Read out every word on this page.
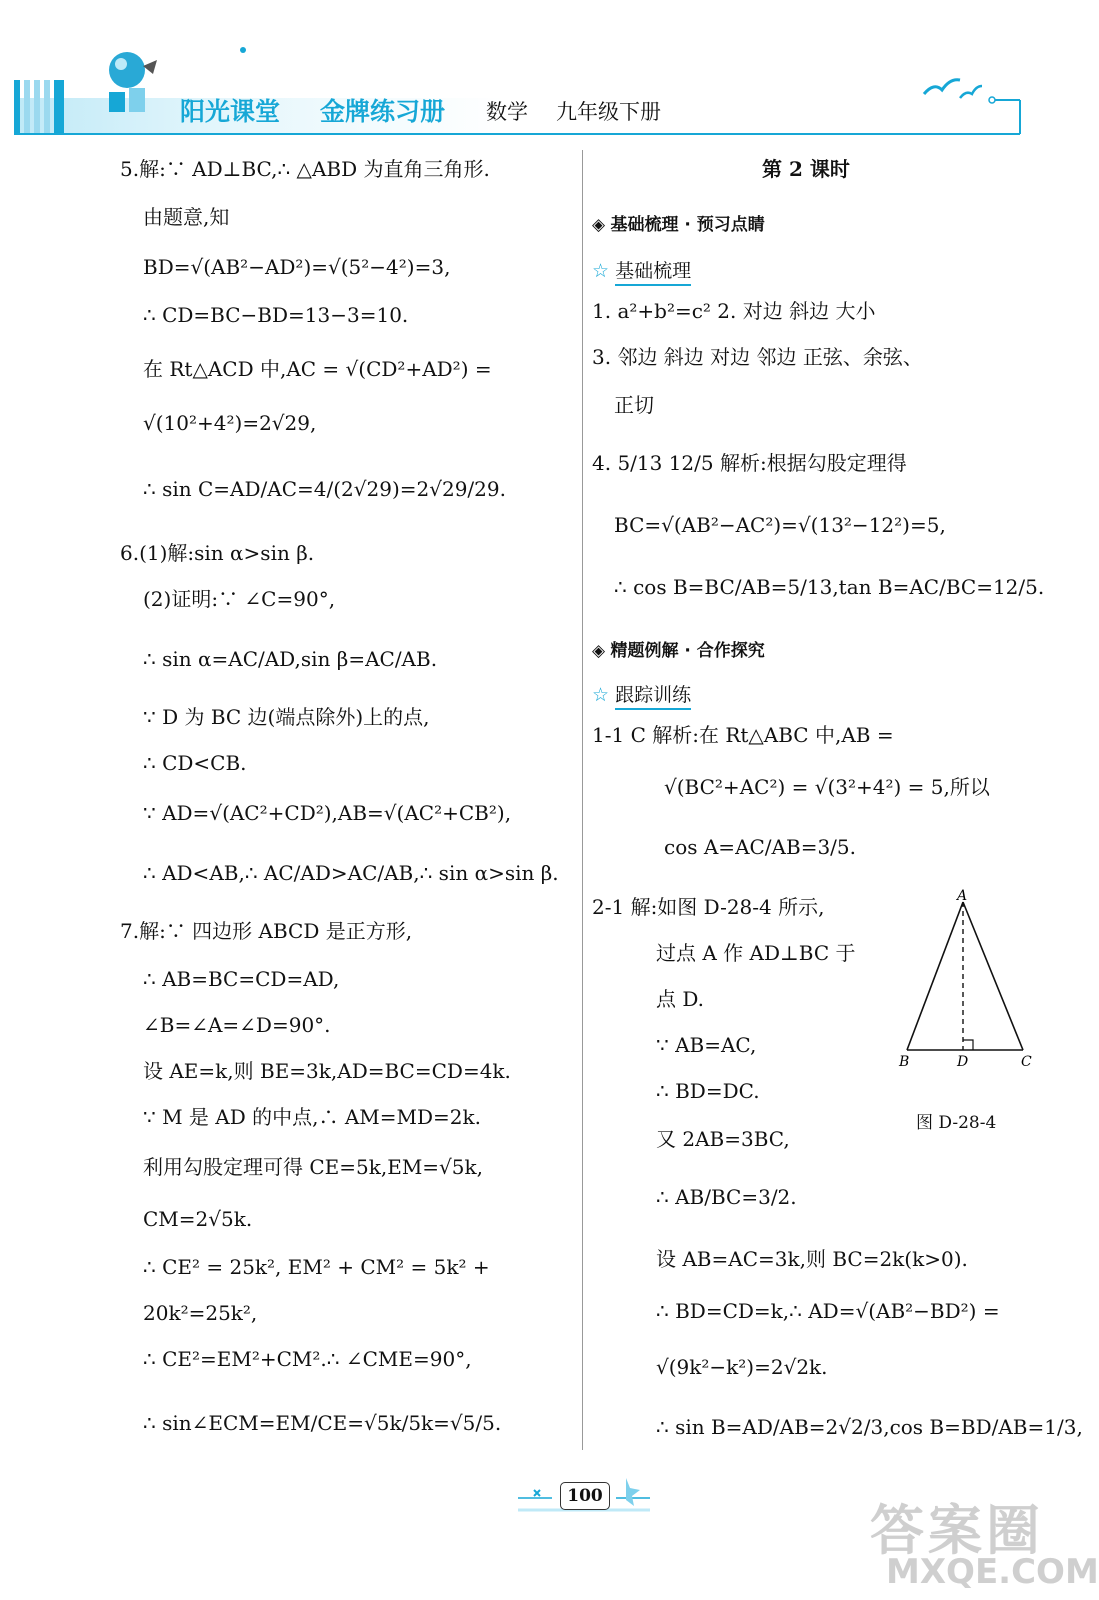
阳光课堂 金牌练习册 数学 九年级下册
5.解:∵ AD⊥BC,∴ △ABD 为直角三角形.
由题意,知
BD=√(AB²−AD²)=√(5²−4²)=3,
∴ CD=BC−BD=13−3=10.
在 Rt△ACD 中,AC = √(CD²+AD²) =
√(10²+4²)=2√29,
∴ sin C=AD/AC=4/(2√29)=2√29/29.
6.(1)解:sin α>sin β.
(2)证明:∵ ∠C=90°,
∴ sin α=AC/AD,sin β=AC/AB.
∵ D 为 BC 边(端点除外)上的点,
∴ CD<CB.
∵ AD=√(AC²+CD²),AB=√(AC²+CB²),
∴ AD<AB,∴ AC/AD>AC/AB,∴ sin α>sin β.
7.解:∵ 四边形 ABCD 是正方形,
∴ AB=BC=CD=AD,
∠B=∠A=∠D=90°.
设 AE=k,则 BE=3k,AD=BC=CD=4k.
∵ M 是 AD 的中点,∴ AM=MD=2k.
利用勾股定理可得 CE=5k,EM=√5k,
CM=2√5k.
∴ CE² = 25k², EM² + CM² = 5k² +
20k²=25k²,
∴ CE²=EM²+CM².∴ ∠CME=90°,
∴ sin∠ECM=EM/CE=√5k/5k=√5/5.
第 2 课时
◈ 基础梳理 · 预习点睛
☆ 基础梳理
1. a²+b²=c² 2. 对边 斜边 大小
3. 邻边 斜边 对边 邻边 正弦、余弦、
正切
4. 5/13 12/5 解析:根据勾股定理得
BC=√(AB²−AC²)=√(13²−12²)=5,
∴ cos B=BC/AB=5/13,tan B=AC/BC=12/5.
◈ 精题例解 · 合作探究
☆ 跟踪训练
1-1 C 解析:在 Rt△ABC 中,AB =
√(BC²+AC²) = √(3²+4²) = 5,所以
cos A=AC/AB=3/5.
2-1 解:如图 D-28-4 所示,
过点 A 作 AD⊥BC 于
点 D.
∵ AB=AC,
∴ BD=DC.
又 2AB=3BC,
∴ AB/BC=3/2.
设 AB=AC=3k,则 BC=2k(k>0).
∴ BD=CD=k,∴ AD=√(AB²−BD²) =
√(9k²−k²)=2√2k.
∴ sin B=AD/AB=2√2/3,cos B=BD/AB=1/3,
A
B	D	C
图 D-28-4
100
答案圈
MXQE.COM
